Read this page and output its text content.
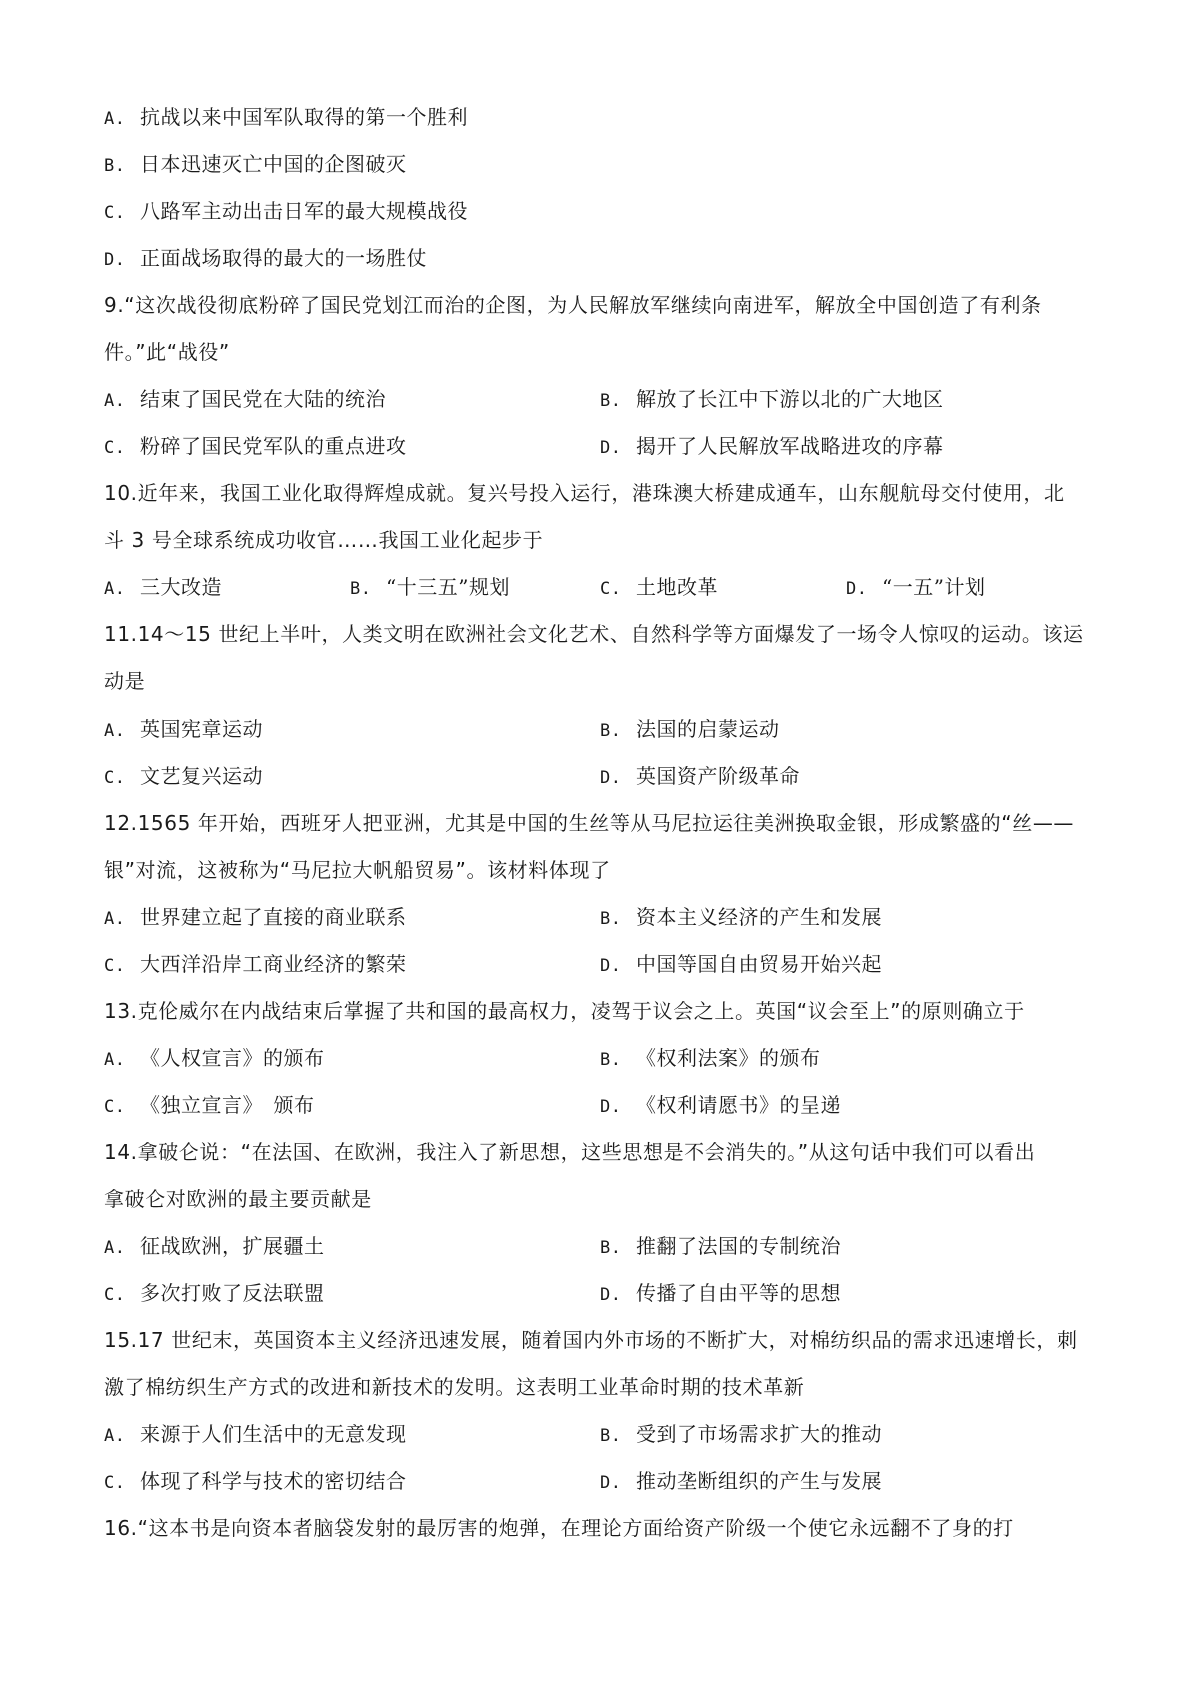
A. 抗战以来中国军队取得的第一个胜利
B. 日本迅速灭亡中国的企图破灭
C. 八路军主动出击日军的最大规模战役
D. 正面战场取得的最大的一场胜仗
9.“这次战役彻底粉碎了国民党划江而治的企图，为人民解放军继续向南进军，解放全中国创造了有利条
件。”此“战役”
A. 结束了国民党在大陆的统治	B. 解放了长江中下游以北的广大地区
C. 粉碎了国民党军队的重点进攻	D. 揭开了人民解放军战略进攻的序幕
10.近年来，我国工业化取得辉煌成就。复兴号投入运行，港珠澳大桥建成通车，山东舰航母交付使用，北
斗 3 号全球系统成功收官……我国工业化起步于
A. 三大改造	B. “十三五”规划	C. 土地改革	D. “一五”计划
11.14～15 世纪上半叶，人类文明在欧洲社会文化艺术、自然科学等方面爆发了一场令人惊叹的运动。该运
动是
A. 英国宪章运动	B. 法国的启蒙运动
C. 文艺复兴运动	D. 英国资产阶级革命
12.1565 年开始，西班牙人把亚洲，尤其是中国的生丝等从马尼拉运往美洲换取金银，形成繁盛的“丝——
银”对流，这被称为“马尼拉大帆船贸易”。该材料体现了
A. 世界建立起了直接的商业联系	B. 资本主义经济的产生和发展
C. 大西洋沿岸工商业经济的繁荣	D. 中国等国自由贸易开始兴起
13.克伦威尔在内战结束后掌握了共和国的最高权力，凌驾于议会之上。英国“议会至上”的原则确立于
A. 《人权宣言》的颁布	B. 《权利法案》的颁布
C. 《独立宣言》　颁布	D. 《权利请愿书》的呈递
14.拿破仑说：“在法国、在欧洲，我注入了新思想，这些思想是不会消失的。”从这句话中我们可以看出
拿破仑对欧洲的最主要贡献是
A. 征战欧洲，扩展疆土	B. 推翻了法国的专制统治
C. 多次打败了反法联盟	D. 传播了自由平等的思想
15.17 世纪末，英国资本主义经济迅速发展，随着国内外市场的不断扩大，对棉纺织品的需求迅速增长，刺
激了棉纺织生产方式的改进和新技术的发明。这表明工业革命时期的技术革新
A. 来源于人们生活中的无意发现	B. 受到了市场需求扩大的推动
C. 体现了科学与技术的密切结合	D. 推动垄断组织的产生与发展
16.“这本书是向资本者脑袋发射的最厉害的炮弹，在理论方面给资产阶级一个使它永远翻不了身的打
